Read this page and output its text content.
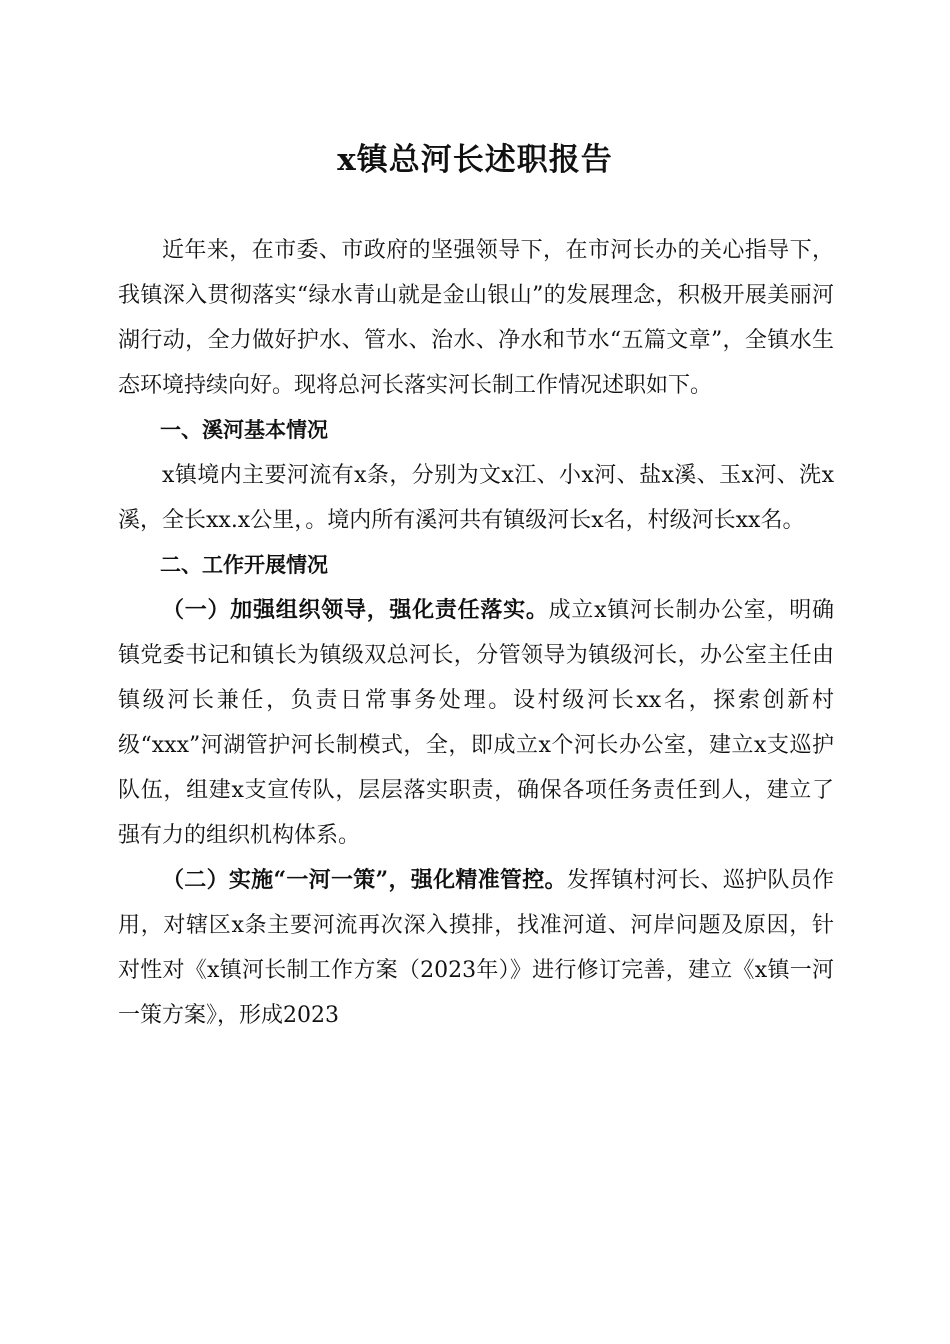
x镇总河长述职报告

近年来，在市委、市政府的坚强领导下，在市河长办的关心指导下，我镇深入贯彻落实“绿水青山就是金山银山”的发展理念，积极开展美丽河湖行动，全力做好护水、管水、治水、净水和节水“五篇文章”，全镇水生态环境持续向好。现将总河长落实河长制工作情况述职如下。

一、溪河基本情况

x镇境内主要河流有x条，分别为文x江、小x河、盐x溪、玉x河、洗x溪，全长xx.x公里，。境内所有溪河共有镇级河长x名，村级河长xx名。

二、工作开展情况

（一）加强组织领导，强化责任落实。成立x镇河长制办公室，明确镇党委书记和镇长为镇级双总河长，分管领导为镇级河长，办公室主任由镇级河长兼任，负责日常事务处理。设村级河长xx名，探索创新村级“xxx”河湖管护河长制模式，全，即成立x个河长办公室，建立x支巡护队伍，组建x支宣传队，层层落实职责，确保各项任务责任到人，建立了强有力的组织机构体系。

（二）实施“一河一策”，强化精准管控。发挥镇村河长、巡护队员作用，对辖区x条主要河流再次深入摸排，找准河道、河岸问题及原因，针对性对《x镇河长制工作方案（2023年）》进行修订完善，建立《x镇一河一策方案》，形成2023
